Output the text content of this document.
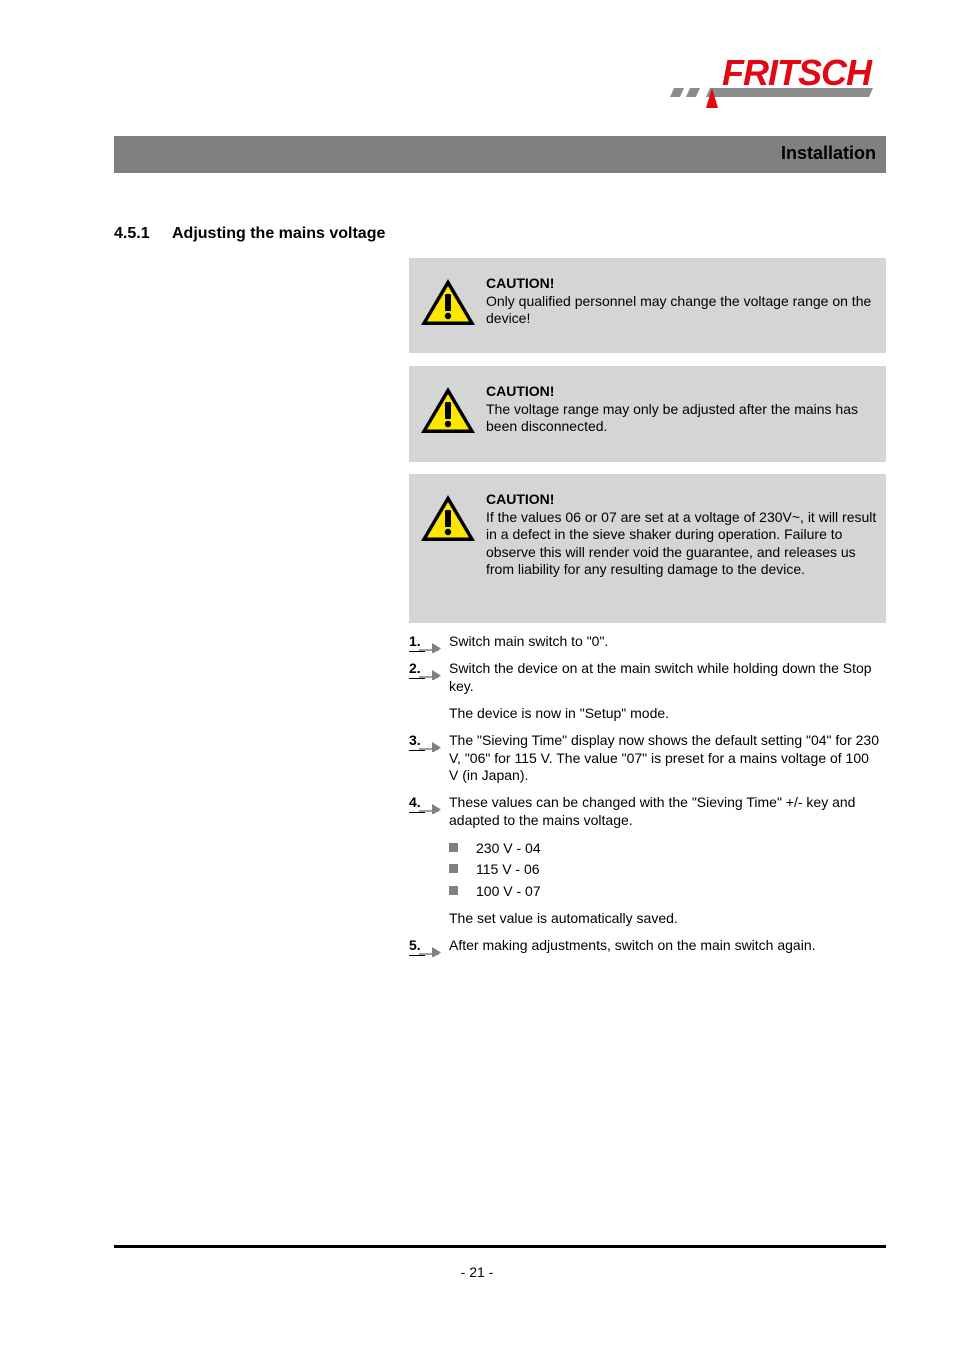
FRITSCH
Installation
4.5.1 Adjusting the mains voltage
CAUTION!
Only qualified personnel may change the voltage range on the device!
CAUTION!
The voltage range may only be adjusted after the mains has been disconnected.
CAUTION!
If the values 06 or 07 are set at a voltage of 230V~, it will result in a defect in the sieve shaker during operation. Failure to observe this will render void the guarantee, and releases us from liability for any resulting damage to the device.
1.	Switch main switch to "0".
2.	Switch the device on at the main switch while holding down the Stop key.
The device is now in "Setup" mode.
3.	The "Sieving Time" display now shows the default setting "04" for 230 V, "06" for 115 V. The value "07" is preset for a mains voltage of 100 V (in Japan).
4.	These values can be changed with the "Sieving Time" +/- key and adapted to the mains voltage.
230 V - 04
115 V - 06
100 V - 07
The set value is automatically saved.
5.	After making adjustments, switch on the main switch again.
- 21 -
